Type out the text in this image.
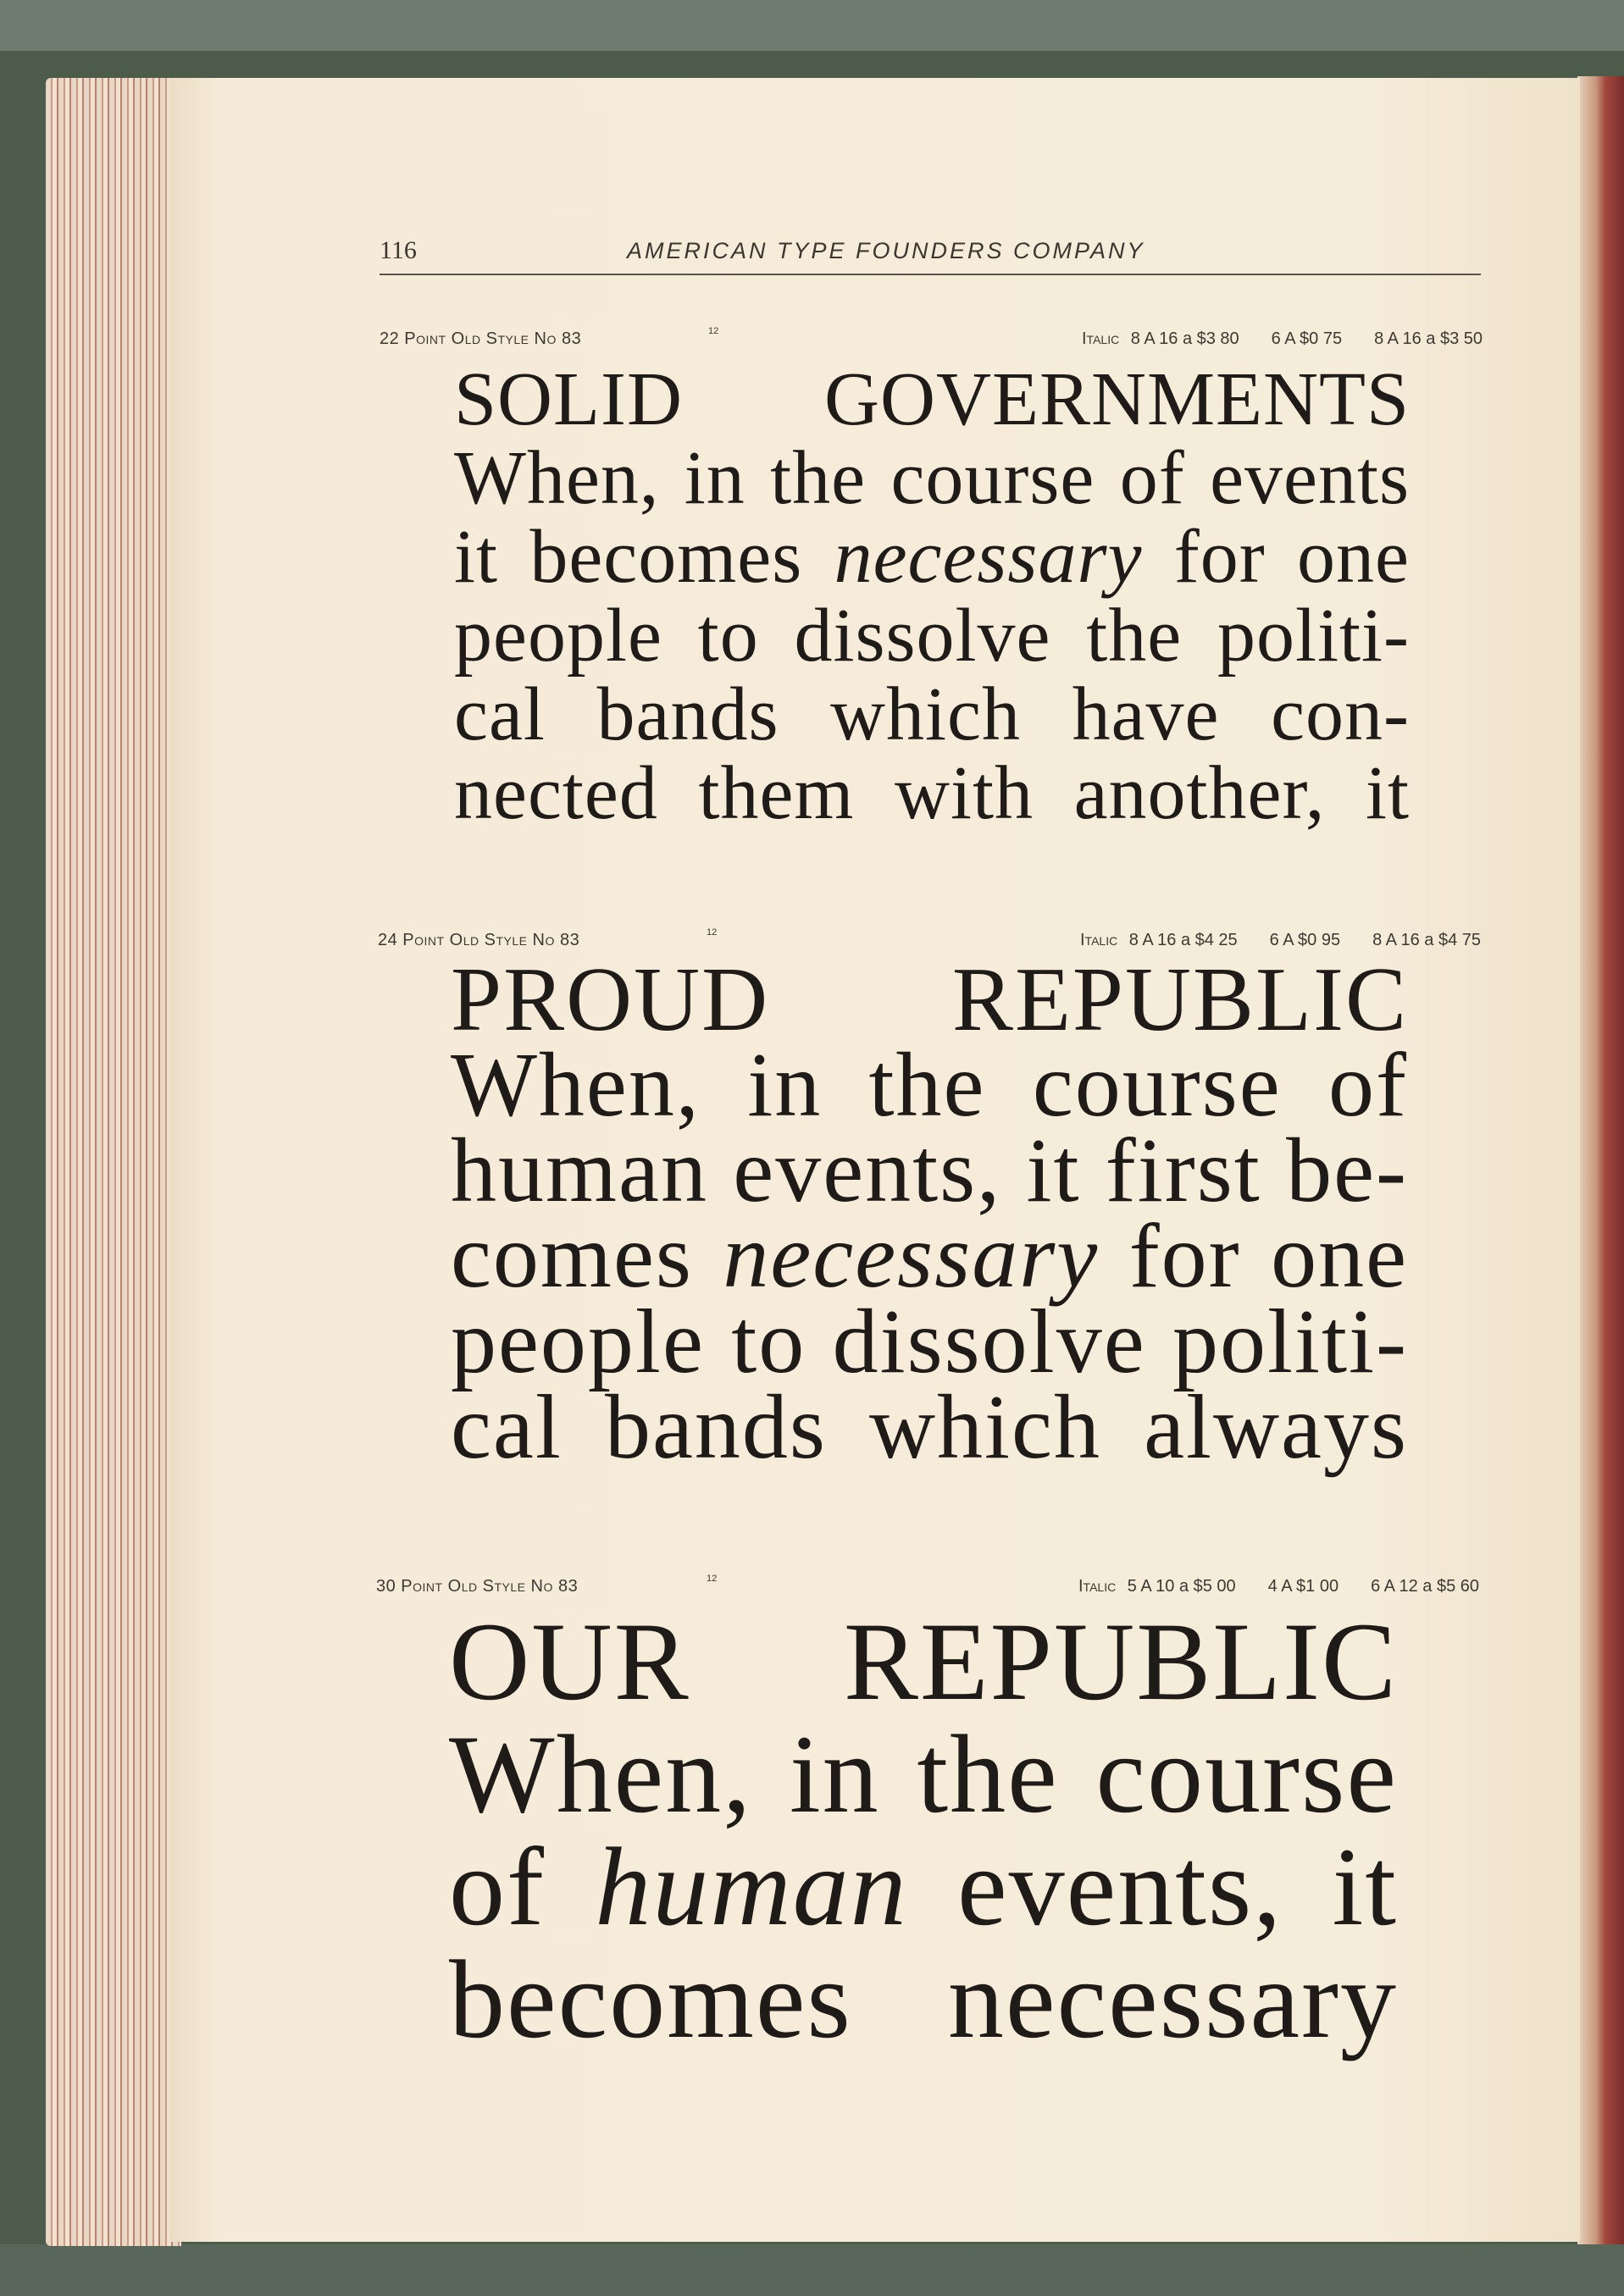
116	AMERICAN TYPE FOUNDERS COMPANY
22 Point Old Style No 83	12	Italic 8 A 16 a $3 80 6 A $0 75 8 A 16 a $3 50
SOLID GOVERNMENTS
When, in the course of events
it becomes necessary for one
people to dissolve the politi-
cal bands which have con-
nected them with another, it
24 Point Old Style No 83	12	Italic 8 A 16 a $4 25 6 A $0 95 8 A 16 a $4 75
PROUD REPUBLIC
When, in the course of
human events, it first be-
comes necessary for one
people to dissolve politi-
cal bands which always
30 Point Old Style No 83	12	Italic 5 A 10 a $5 00 4 A $1 00 6 A 12 a $5 60
OUR REPUBLIC
When, in the course
of human events, it
becomes necessary
